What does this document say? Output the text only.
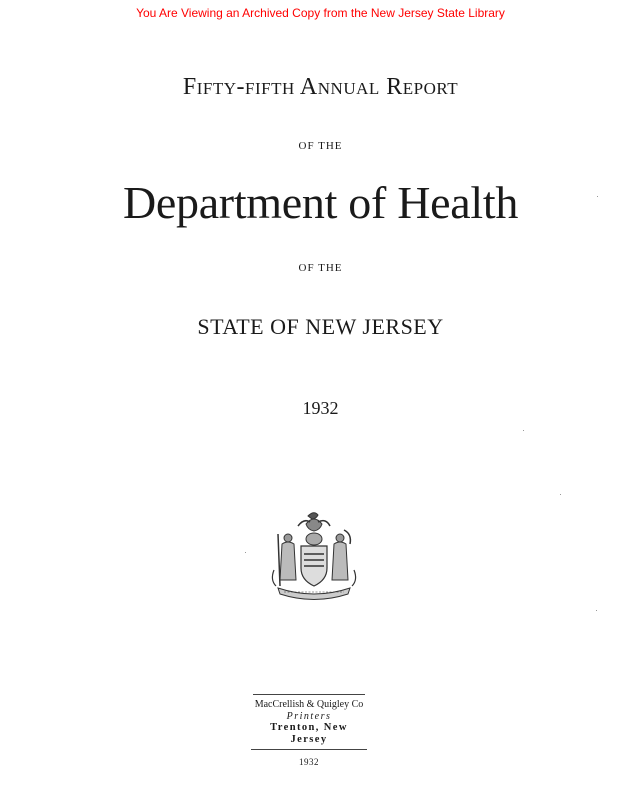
You Are Viewing an Archived Copy from the New Jersey State Library
Fifty-fifth Annual Report
OF THE
Department of Health
OF THE
STATE OF NEW JERSEY
1932
MacCrellish & Quigley Co
Printers
Trenton, New Jersey
1932
